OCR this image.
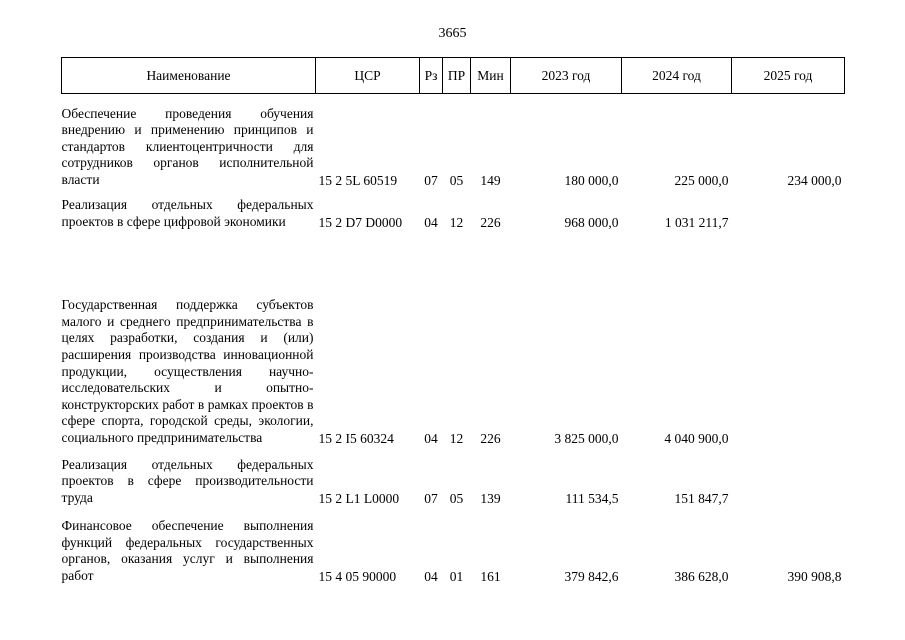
3665
Наименование	ЦСР	Рз	ПР	Мин	2023 год	2024 год	2025 год
Обеспечение проведения обучения внедрению и применению принципов и стандартов клиентоцентричности для сотрудников органов исполнительной власти	15 2 5L 60519	07	05	149	180 000,0	225 000,0	234 000,0
Реализация отдельных федеральных проектов в сфере цифровой экономики	15 2 D7 D0000	04	12	226	968 000,0	1 031 211,7	
Государственная поддержка субъектов малого и среднего предпринимательства в целях разработки, создания и (или) расширения производства инновационной продукции, осуществления научно-исследовательских и опытно-конструкторских работ в рамках проектов в сфере спорта, городской среды, экологии, социального предпринимательства	15 2 I5 60324	04	12	226	3 825 000,0	4 040 900,0	
Реализация отдельных федеральных проектов в сфере производительности труда	15 2 L1 L0000	07	05	139	111 534,5	151 847,7	
Финансовое обеспечение выполнения функций федеральных государственных органов, оказания услуг и выполнения работ	15 4 05 90000	04	01	161	379 842,6	386 628,0	390 908,8
